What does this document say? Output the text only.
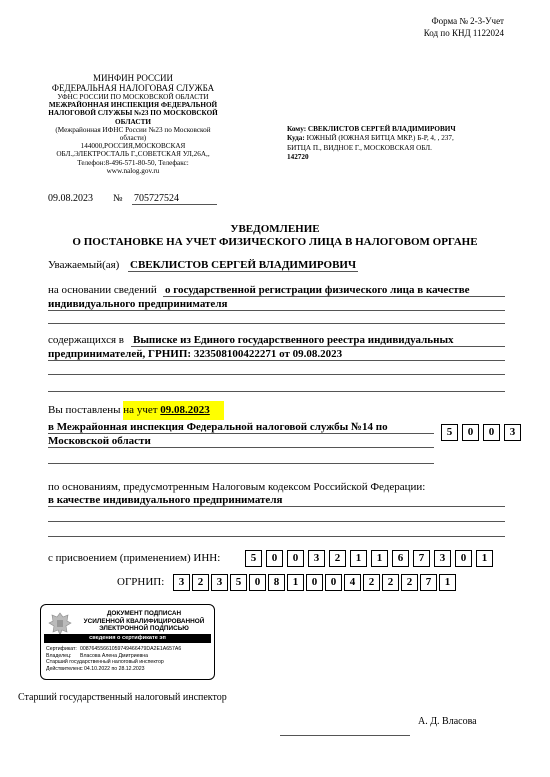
Форма № 2-3-Учет
Код по КНД 1122024
МИНФИН РОССИИ
ФЕДЕРАЛЬНАЯ НАЛОГОВАЯ СЛУЖБА
УФНС РОССИИ ПО МОСКОВСКОЙ ОБЛАСТИ
МЕЖРАЙОННАЯ ИНСПЕКЦИЯ ФЕДЕРАЛЬНОЙ
НАЛОГОВОЙ СЛУЖБЫ №23 ПО МОСКОВСКОЙ
ОБЛАСТИ
(Межрайонная ИФНС России №23 по Московской
области)
144000,РОССИЯ,МОСКОВСКАЯ
ОБЛ.,ЭЛЕКТРОСТАЛЬ Г.,СОВЕТСКАЯ УЛ,26А,,
Телефон:8-496-571-80-50, Телефакс:
www.nalog.gov.ru
Кому: СВЕКЛИСТОВ СЕРГЕЙ ВЛАДИМИРОВИЧ
Куда: ЮЖНЫЙ (ЮЖНАЯ БИТЦА МКР.) Б-Р, 4, , 237,
БИТЦА П., ВИДНОЕ Г., МОСКОВСКАЯ ОБЛ.
142720
09.08.2023 № 705727524
УВЕДОМЛЕНИЕ
О ПОСТАНОВКЕ НА УЧЕТ ФИЗИЧЕСКОГО ЛИЦА В НАЛОГОВОМ ОРГАНЕ
Уважаемый(ая) СВЕКЛИСТОВ СЕРГЕЙ ВЛАДИМИРОВИЧ
на основании сведений о государственной регистрации физического лица в качестве
индивидуального предпринимателя
содержащихся в Выписке из Единого государственного реестра индивидуальных
предпринимателей, ГРНИП: 323508100422271 от 09.08.2023
Вы поставлены на учет 09.08.2023
в Межрайонная инспекция Федеральной налоговой службы №14 по
Московской области
5	0	0	3
по основаниям, предусмотренным Налоговым кодексом Российской Федерации:
в качестве индивидуального предпринимателя
с присвоением (применением) ИНН:	5	0	0	3	2	1	1	6	7	3	0	1
ОГРНИП:	3	2	3	5	0	8	1	0	0	4	2	2	2	7	1
ДОКУМЕНТ ПОДПИСАН
УСИЛЕННОЙ КВАЛИФИЦИРОВАННОЙ
ЭЛЕКТРОННОЙ ПОДПИСЬЮ
сведения о сертификате эп
Сертификат: 00876455661059749466479DA2E1A657A6
Владелец: Власова Алена Дмитриевна
Старший государственный налоговый инспектор
Действителен:с 04.10.2022 по 28.12.2023
Старший государственный налоговый инспектор
А. Д. Власова
